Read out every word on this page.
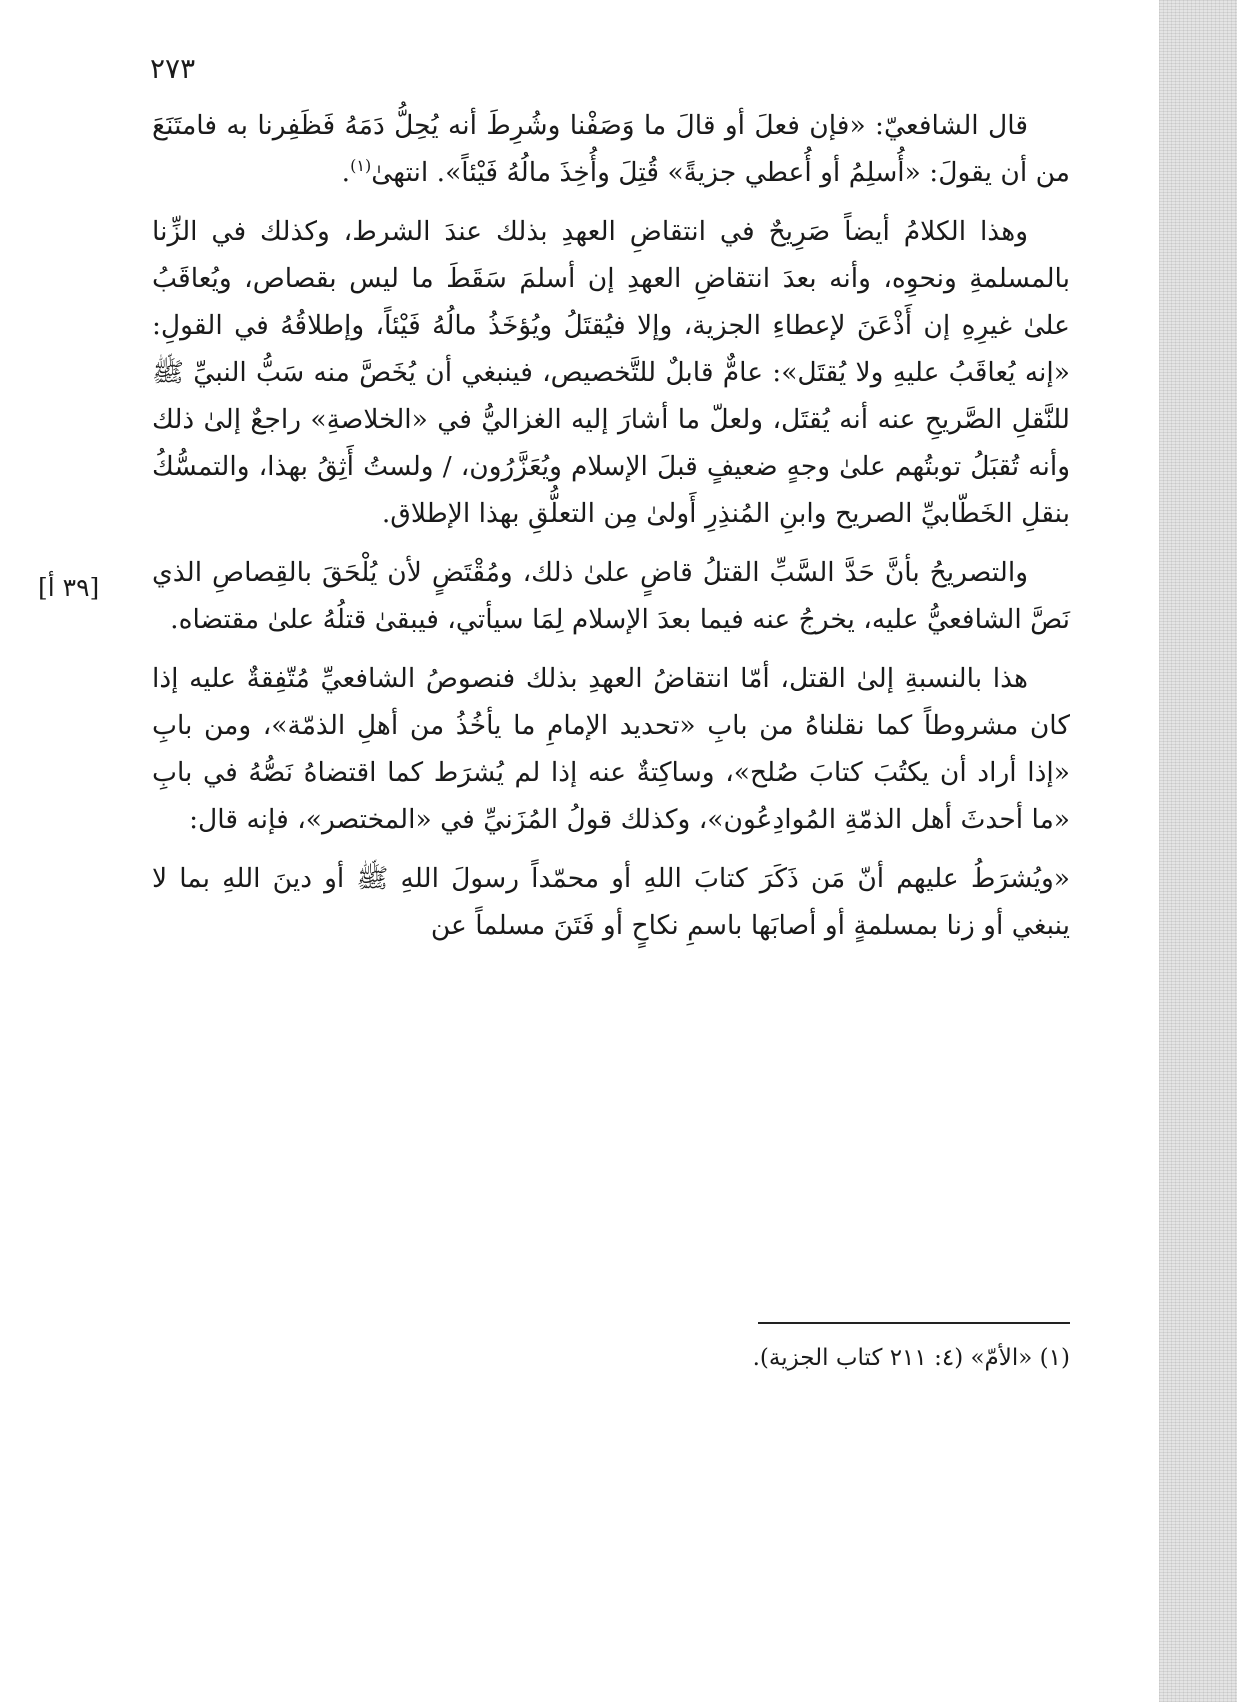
٢٧٣
[٣٩ أ]

قال الشافعيّ: «فإن فعلَ أو قالَ ما وَصَفْنا وشُرِطَ أنه يُحِلُّ دَمَهُ فَظَفِرنا به فامتَنَعَ من أن يقولَ: «أُسلِمُ أو أُعطي جزيةً» قُتِلَ وأُخِذَ مالُهُ فَيْئاً». انتهىٰ$^{(١)}$.

وهذا الكلامُ أيضاً صَرِيحٌ في انتقاضِ العهدِ بذلك عندَ الشرط، وكذلك في الزِّنا بالمسلمةِ ونحوِه، وأنه بعدَ انتقاضِ العهدِ إن أسلمَ سَقَطَ ما ليس بقصاص، ويُعاقَبُ علىٰ غيرِهِ إن أَذْعَنَ لإعطاءِ الجزية، وإلا فيُقتَلُ ويُؤخَذُ مالُهُ فَيْئاً، وإطلاقُهُ في القولِ: «إنه يُعاقَبُ عليهِ ولا يُقتَل»: عامٌّ قابلٌ للتَّخصيص، فينبغي أن يُخَصَّ منه سَبُّ النبيِّ ﷺ للنَّقلِ الصَّريحِ عنه أنه يُقتَل، ولعلّ ما أشارَ إليه الغزاليُّ في «الخلاصةِ» راجعٌ إلىٰ ذلك وأنه تُقبَلُ توبتُهم علىٰ وجهٍ ضعيفٍ قبلَ الإسلام ويُعَزَّرُون، / ولستُ أَثِقُ بهذا، والتمسُّكُ بنقلِ الخَطّابيِّ الصريح وابنِ المُنذِرِ أَولىٰ مِن التعلُّقِ بهذا الإطلاق.

والتصريحُ بأنَّ حَدَّ السَّبِّ القتلُ قاضٍ علىٰ ذلك، ومُقْتَضٍ لأن يُلْحَقَ بالقِصاصِ الذي نَصَّ الشافعيُّ عليه، يخرجُ عنه فيما بعدَ الإسلام لِمَا سيأتي، فيبقىٰ قتلُهُ علىٰ مقتضاه.

هذا بالنسبةِ إلىٰ القتل، أمّا انتقاضُ العهدِ بذلك فنصوصُ الشافعيِّ مُتّفِقةٌ عليه إذا كان مشروطاً كما نقلناهُ من بابِ «تحديد الإمامِ ما يأخُذُ من أهلِ الذمّة»، ومن بابِ «إذا أراد أن يكتُبَ كتابَ صُلح»، وساكِتةٌ عنه إذا لم يُشرَط كما اقتضاهُ نَصُّهُ في بابِ «ما أحدثَ أهل الذمّةِ المُوادِعُون»، وكذلك قولُ المُزَنيِّ في «المختصر»، فإنه قال:

«ويُشرَطُ عليهم أنّ مَن ذَكَرَ كتابَ اللهِ أو محمّداً رسولَ اللهِ ﷺ أو دينَ اللهِ بما لا ينبغي أو زنا بمسلمةٍ أو أصابَها باسمِ نكاحٍ أو فَتَنَ مسلماً عن

(١) «الأمّ» (٤: ٢١١ كتاب الجزية).
